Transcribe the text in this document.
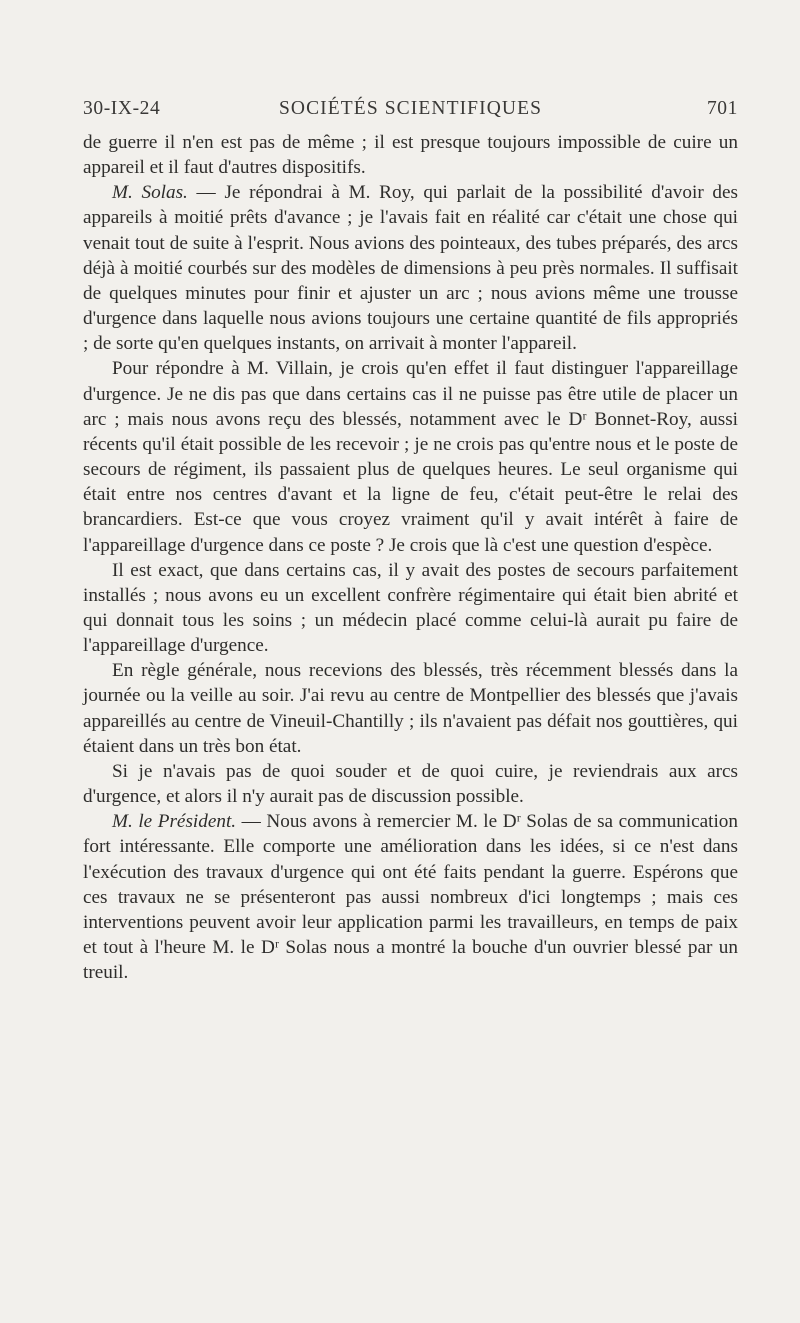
30-IX-24	SOCIÉTÉS SCIENTIFIQUES	701

de guerre il n'en est pas de même ; il est presque toujours impossible de cuire un appareil et il faut d'autres dispositifs.

M. Solas. — Je répondrai à M. Roy, qui parlait de la possibilité d'avoir des appareils à moitié prêts d'avance ; je l'avais fait en réalité car c'était une chose qui venait tout de suite à l'esprit. Nous avions des pointeaux, des tubes préparés, des arcs déjà à moitié courbés sur des modèles de dimensions à peu près normales. Il suffisait de quelques minutes pour finir et ajuster un arc ; nous avions même une trousse d'urgence dans laquelle nous avions toujours une certaine quantité de fils appropriés ; de sorte qu'en quelques instants, on arrivait à monter l'appareil.

Pour répondre à M. Villain, je crois qu'en effet il faut distinguer l'appareillage d'urgence. Je ne dis pas que dans certains cas il ne puisse pas être utile de placer un arc ; mais nous avons reçu des blessés, notamment avec le Dʳ Bonnet-Roy, aussi récents qu'il était possible de les recevoir ; je ne crois pas qu'entre nous et le poste de secours de régiment, ils passaient plus de quelques heures. Le seul organisme qui était entre nos centres d'avant et la ligne de feu, c'était peut-être le relai des brancardiers. Est-ce que vous croyez vraiment qu'il y avait intérêt à faire de l'appareillage d'urgence dans ce poste ? Je crois que là c'est une question d'espèce.

Il est exact, que dans certains cas, il y avait des postes de secours parfaitement installés ; nous avons eu un excellent confrère régimentaire qui était bien abrité et qui donnait tous les soins ; un médecin placé comme celui-là aurait pu faire de l'appareillage d'urgence.

En règle générale, nous recevions des blessés, très récemment blessés dans la journée ou la veille au soir. J'ai revu au centre de Montpellier des blessés que j'avais appareillés au centre de Vineuil-Chantilly ; ils n'avaient pas défait nos gouttières, qui étaient dans un très bon état.

Si je n'avais pas de quoi souder et de quoi cuire, je reviendrais aux arcs d'urgence, et alors il n'y aurait pas de discussion possible.

M. le Président. — Nous avons à remercier M. le Dʳ Solas de sa communication fort intéressante. Elle comporte une amélioration dans les idées, si ce n'est dans l'exécution des travaux d'urgence qui ont été faits pendant la guerre. Espérons que ces travaux ne se présenteront pas aussi nombreux d'ici longtemps ; mais ces interventions peuvent avoir leur application parmi les travailleurs, en temps de paix et tout à l'heure M. le Dʳ Solas nous a montré la bouche d'un ouvrier blessé par un treuil.
